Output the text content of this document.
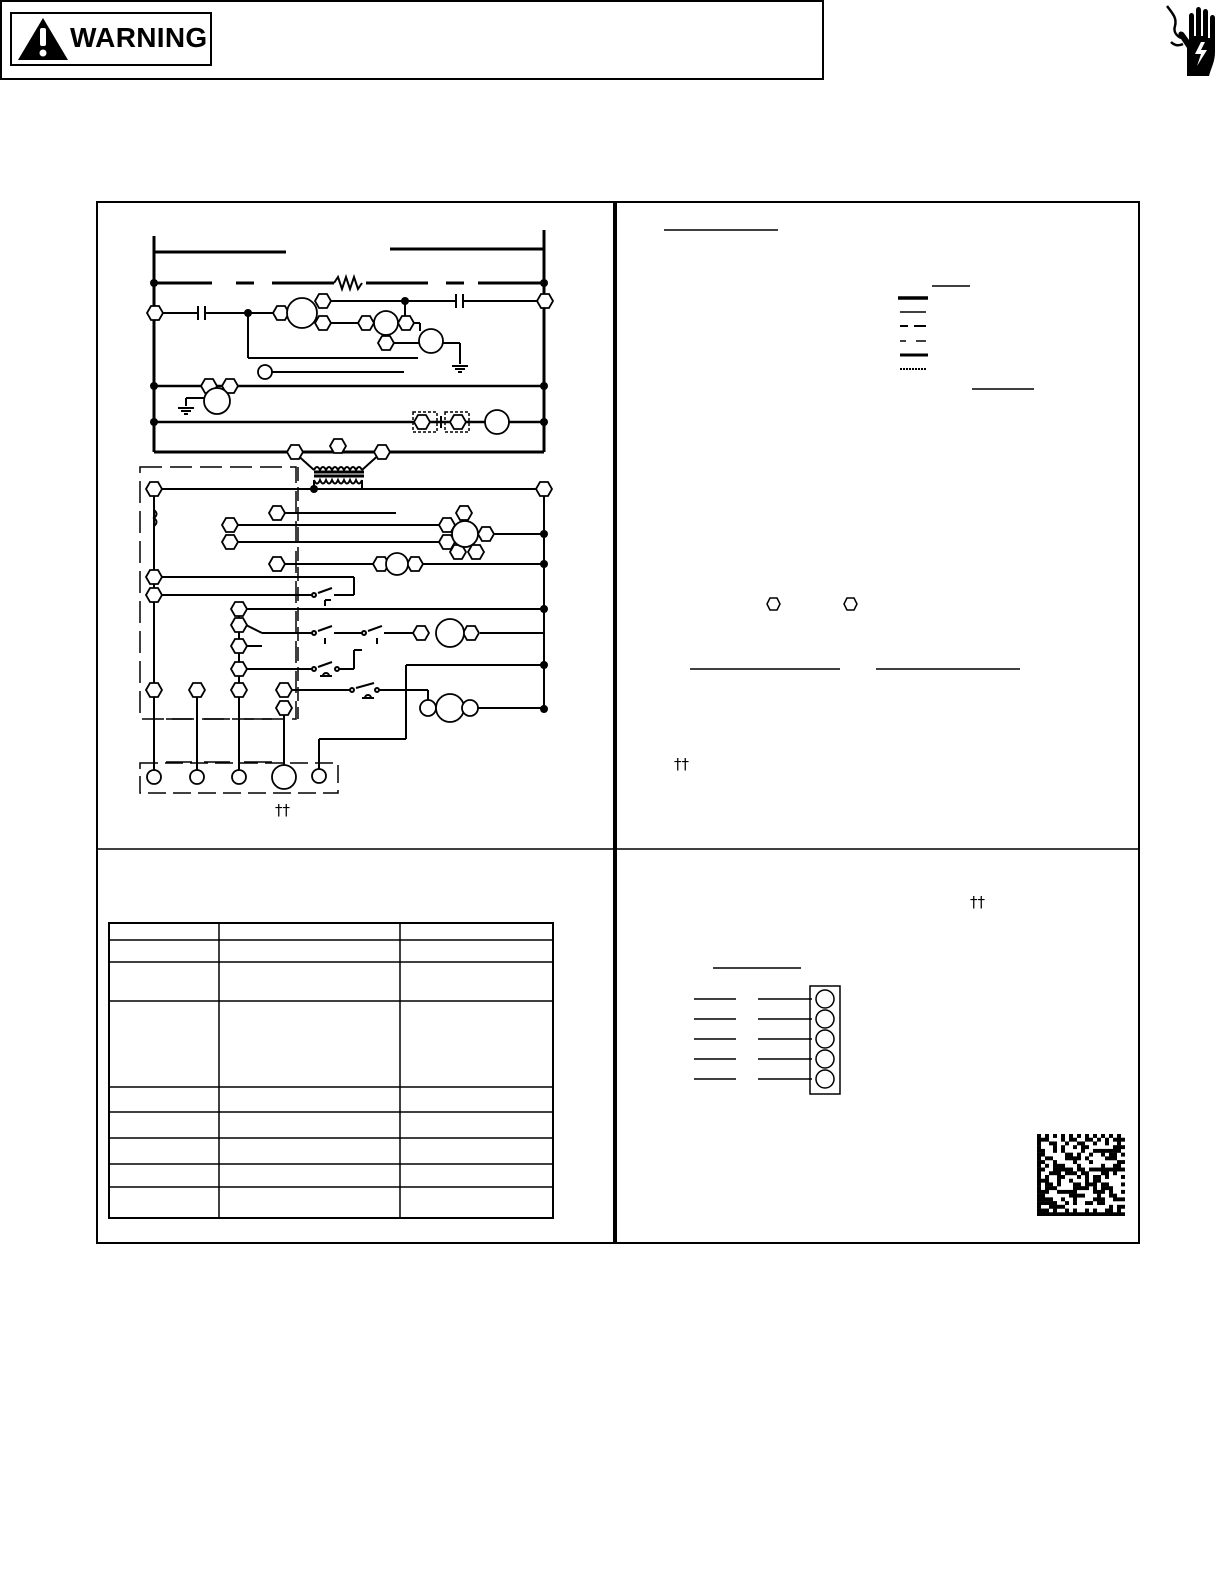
WARNING
††
††
††
